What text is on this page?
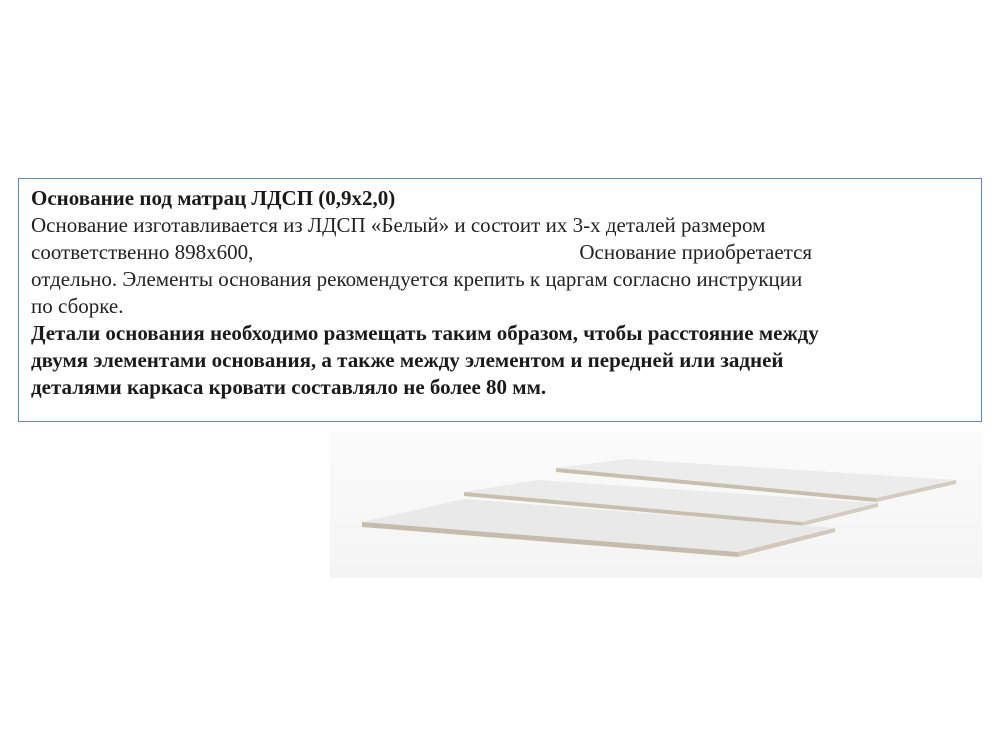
Основание под матрац ЛДСП (0,9х2,0)
Основание изготавливается из ЛДСП «Белый» и состоит их 3-х деталей размером
соответственно 898х600,	Основание приобретается
отдельно. Элементы основания рекомендуется крепить к царгам согласно инструкции
по сборке.
Детали основания необходимо размещать таким образом, чтобы расстояние между
двумя элементами основания, а также между элементом и передней или задней
деталями каркаса кровати составляло не более 80 мм.
